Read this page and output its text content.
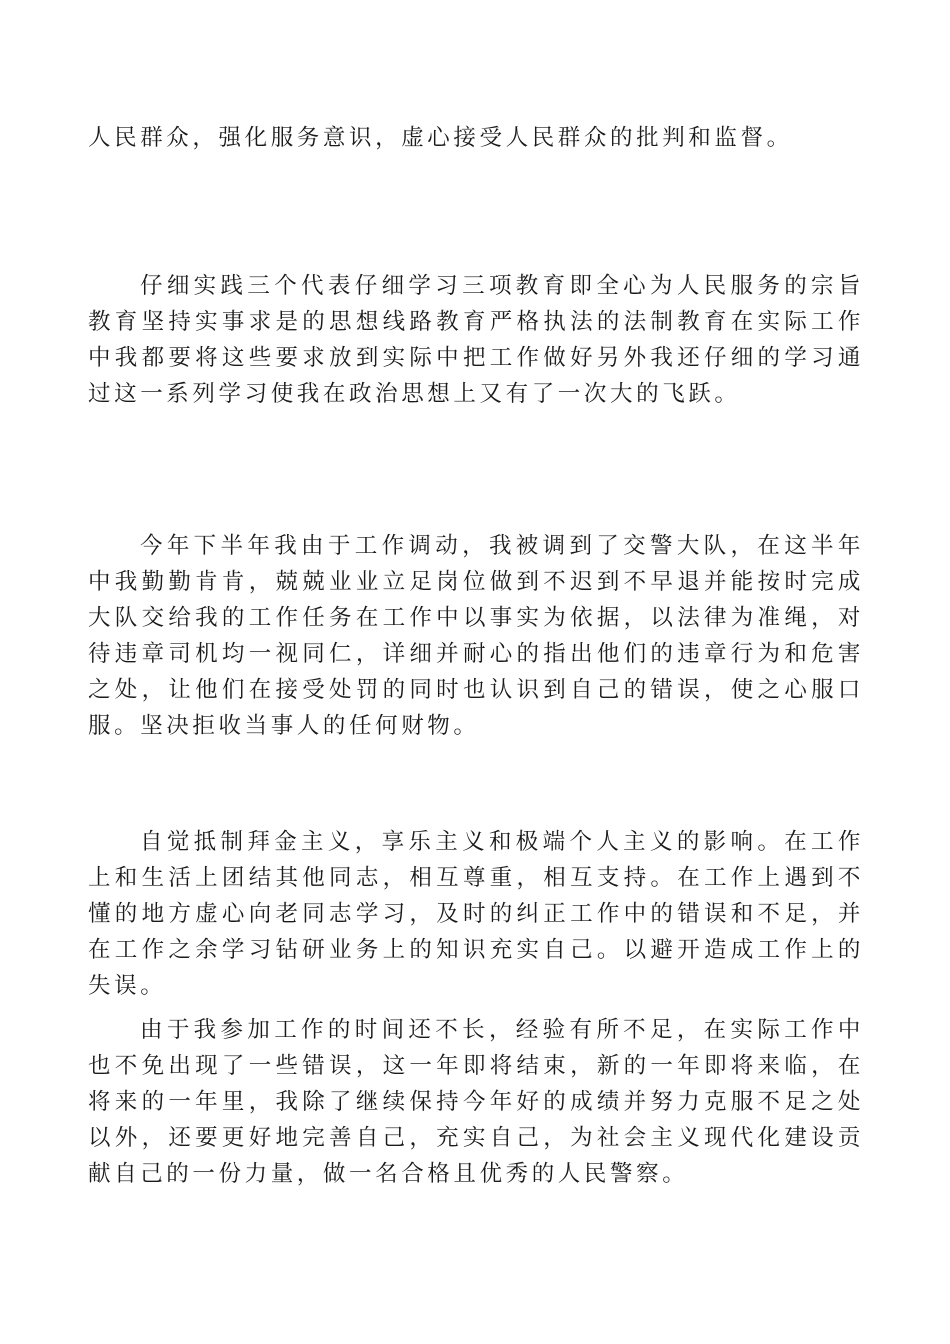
人民群众，强化服务意识，虚心接受人民群众的批判和监督。

仔细实践三个代表仔细学习三项教育即全心为人民服务的宗旨教育坚持实事求是的思想线路教育严格执法的法制教育在实际工作中我都要将这些要求放到实际中把工作做好另外我还仔细的学习通过这一系列学习使我在政治思想上又有了一次大的飞跃。

今年下半年我由于工作调动，我被调到了交警大队，在这半年中我勤勤肯肯，兢兢业业立足岗位做到不迟到不早退并能按时完成大队交给我的工作任务在工作中以事实为依据，以法律为准绳，对待违章司机均一视同仁，详细并耐心的指出他们的违章行为和危害之处，让他们在接受处罚的同时也认识到自己的错误，使之心服口服。坚决拒收当事人的任何财物。

自觉抵制拜金主义，享乐主义和极端个人主义的影响。在工作上和生活上团结其他同志，相互尊重，相互支持。在工作上遇到不懂的地方虚心向老同志学习，及时的纠正工作中的错误和不足，并在工作之余学习钻研业务上的知识充实自己。以避开造成工作上的失误。

由于我参加工作的时间还不长，经验有所不足，在实际工作中也不免出现了一些错误，这一年即将结束，新的一年即将来临，在将来的一年里，我除了继续保持今年好的成绩并努力克服不足之处以外，还要更好地完善自己，充实自己，为社会主义现代化建设贡献自己的一份力量，做一名合格且优秀的人民警察。
